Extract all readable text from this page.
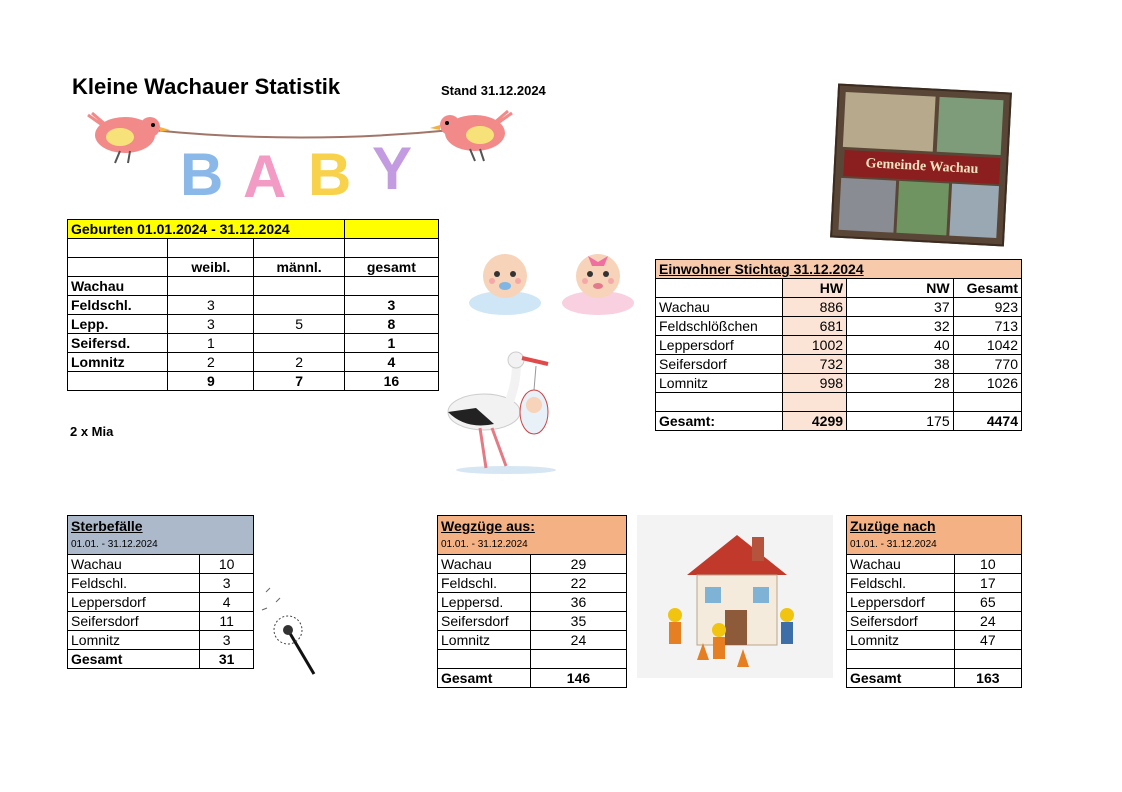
Kleine Wachauer Statistik	Stand 31.12.2024
B A B Y	Gemeinde Wachau
Geburten 01.01.2024 - 31.12.2024			

	weibl.	männl.	gesamt
Wachau			
Feldschl.	3		3
Lepp.	3	5	8
Seifersd.	1		1
Lomnitz	2	2	4
	9	7	16
2 x Mia
Einwohner Stichtag 31.12.2024			
	HW	NW	Gesamt
Wachau	886	37	923
Feldschlößchen	681	32	713
Leppersdorf	1002	40	1042
Seifersdorf	732	38	770
Lomnitz	998	28	1026

Gesamt:	4299	175	4474
Sterbefälle	
01.01. - 31.12.2024	
Wachau	10
Feldschl.	3
Leppersdorf	4
Seifersdorf	11
Lomnitz	3
Gesamt	31
Wegzüge aus:	
01.01. - 31.12.2024	
Wachau	29
Feldschl.	22
Leppersd.	36
Seifersdorf	35
Lomnitz	24

Gesamt	146
Zuzüge nach	
01.01. - 31.12.2024	
Wachau	10
Feldschl.	17
Leppersdorf	65
Seifersdorf	24
Lomnitz	47

Gesamt	163
